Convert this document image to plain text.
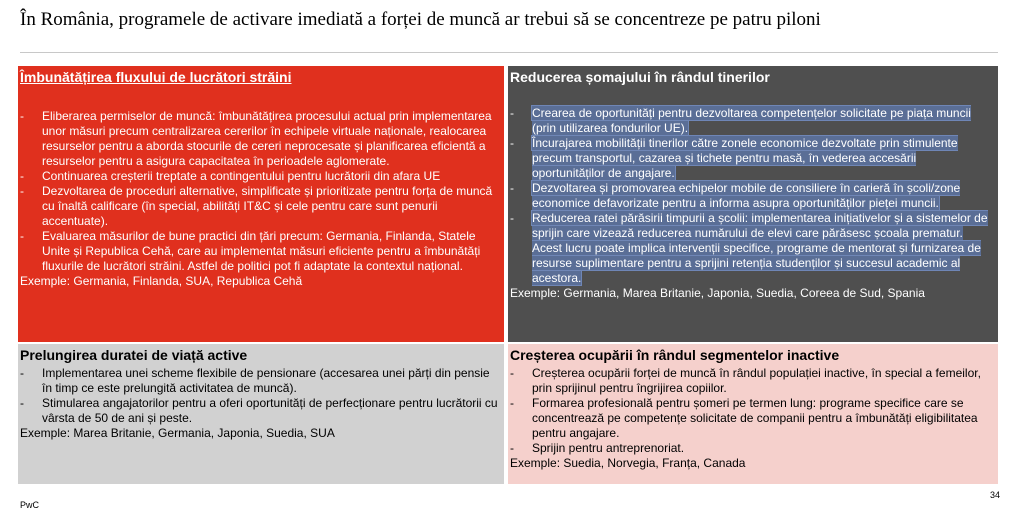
În România, programele de activare imediată a forței de muncă ar trebui să se concentreze pe patru piloni
Îmbunătățirea fluxului de lucrători străini
- Eliberarea permiselor de muncă: îmbunătățirea procesului actual prin implementarea unor măsuri precum centralizarea cererilor în echipele virtuale naționale, realocarea resurselor pentru a aborda stocurile de cereri neprocesate și planificarea eficientă a resurselor pentru a asigura capacitatea în perioadele aglomerate.
- Continuarea creșterii treptate a contingentului pentru lucrătorii din afara UE
- Dezvoltarea de proceduri alternative, simplificate și prioritizate pentru forța de muncă cu înaltă calificare (în special, abilități IT&C și cele pentru care sunt penurii accentuate).
- Evaluarea măsurilor de bune practici din țări precum: Germania, Finlanda, Statele Unite și Republica Cehă, care au implementat măsuri eficiente pentru a îmbunătăți fluxurile de lucrători străini. Astfel de politici pot fi adaptate la contextul național.
Exemple: Germania, Finlanda, SUA, Republica Cehă
Reducerea șomajului în rândul tinerilor
- Crearea de oportunități pentru dezvoltarea competențelor solicitate pe piața muncii (prin utilizarea fondurilor UE).
- Încurajarea mobilității tinerilor către zonele economice dezvoltate prin stimulente precum transportul, cazarea și tichete pentru masă, în vederea accesării oportunităților de angajare.
- Dezvoltarea și promovarea echipelor mobile de consiliere în carieră în școli/zone economice defavorizate pentru a informa asupra oportunităților pieței muncii.
- Reducerea ratei părăsirii timpurii a școlii: implementarea inițiativelor și a sistemelor de sprijin care vizează reducerea numărului de elevi care părăsesc școala prematur. Acest lucru poate implica intervenții specifice, programe de mentorat și furnizarea de resurse suplimentare pentru a sprijini retenția studenților și succesul academic al acestora.
Exemple: Germania, Marea Britanie, Japonia, Suedia, Coreea de Sud, Spania
Prelungirea duratei de viață active
- Implementarea unei scheme flexibile de pensionare (accesarea unei părți din pensie în timp ce este prelungită activitatea de muncă).
- Stimularea angajatorilor pentru a oferi oportunități de perfecționare pentru lucrătorii cu vârsta de 50 de ani și peste.
Exemple: Marea Britanie, Germania, Japonia, Suedia, SUA
Creșterea ocupării în rândul segmentelor inactive
- Creșterea ocupării forței de muncă în rândul populației inactive, în special a femeilor, prin sprijinul pentru îngrijirea copiilor.
- Formarea profesională pentru șomeri pe termen lung: programe specifice care se concentrează pe competențe solicitate de companii pentru a îmbunătăți eligibilitatea pentru angajare.
- Sprijin pentru antreprenoriat.
Exemple: Suedia, Norvegia, Franța, Canada
PwC
34
